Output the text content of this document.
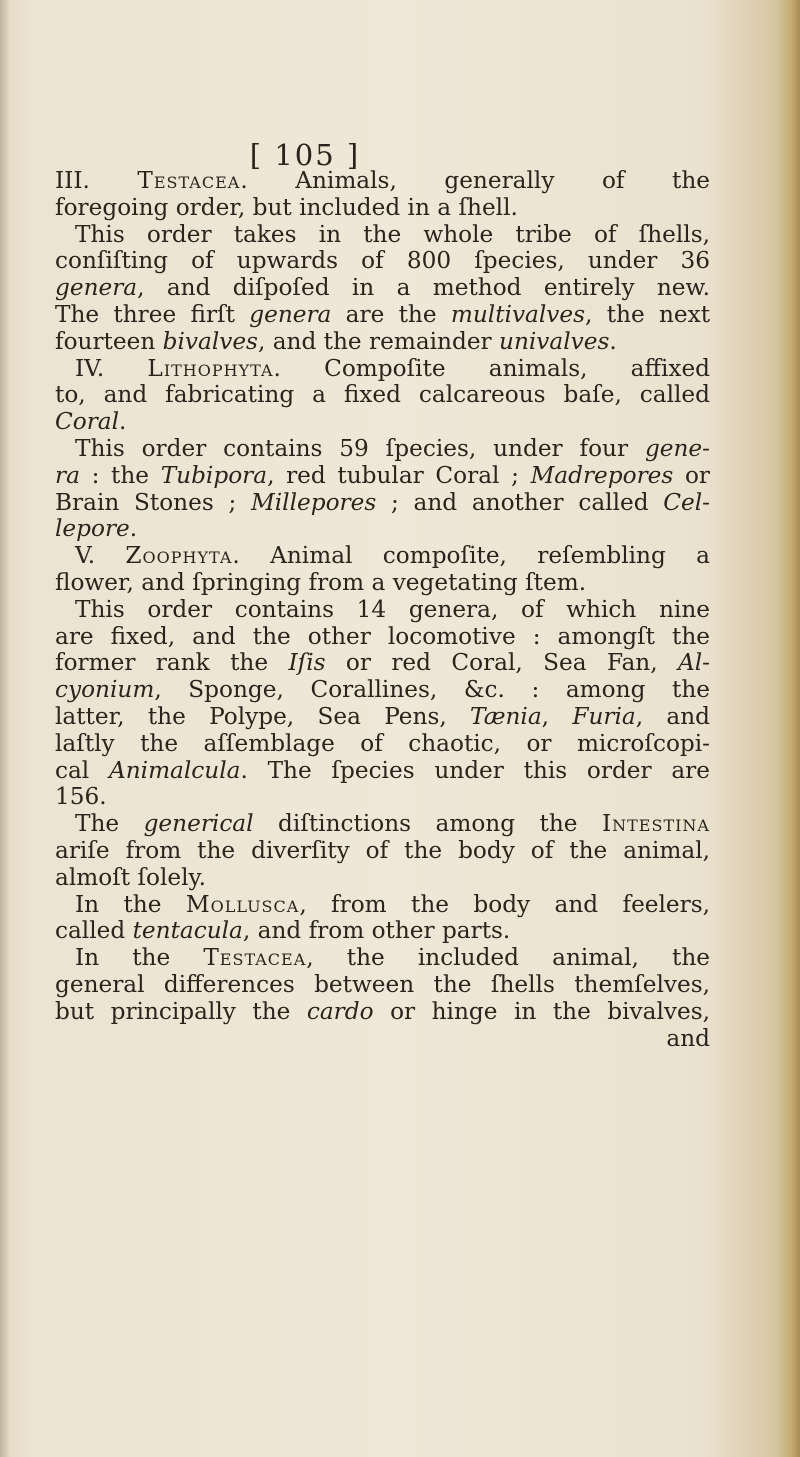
[ 105 ]
III. Testacea. Animals, generally of the
foregoing order, but included in a ſhell.
This order takes in the whole tribe of ſhells,
conſiſting of upwards of 800 ſpecies, under 36
genera, and diſpoſed in a method entirely new.
The three firſt genera are the multivalves, the next
fourteen bivalves, and the remainder univalves.
IV. Lithophyta. Compoſite animals, affixed
to, and fabricating a fixed calcareous baſe, called
Coral.
This order contains 59 ſpecies, under four gene-
ra : the Tubipora, red tubular Coral ; Madrepores or
Brain Stones ; Millepores ; and another called Cel-
lepore.
V. Zoophyta. Animal compoſite, reſembling a
flower, and ſpringing from a vegetating ſtem.
This order contains 14 genera, of which nine
are fixed, and the other locomotive : amongſt the
former rank the Iſis or red Coral, Sea Fan, Al-
cyonium, Sponge, Corallines, &c. : among the
latter, the Polype, Sea Pens, Tænia, Furia, and
laſtly the aſſemblage of chaotic, or microſcopi-
cal Animalcula. The ſpecies under this order are
156.
The generical diſtinctions among the Intestina
ariſe from the diverſity of the body of the animal,
almoſt ſolely.
In the Mollusca, from the body and feelers,
called tentacula, and from other parts.
In the Testacea, the included animal, the
general differences between the ſhells themſelves,
but principally the cardo or hinge in the bivalves,
and
